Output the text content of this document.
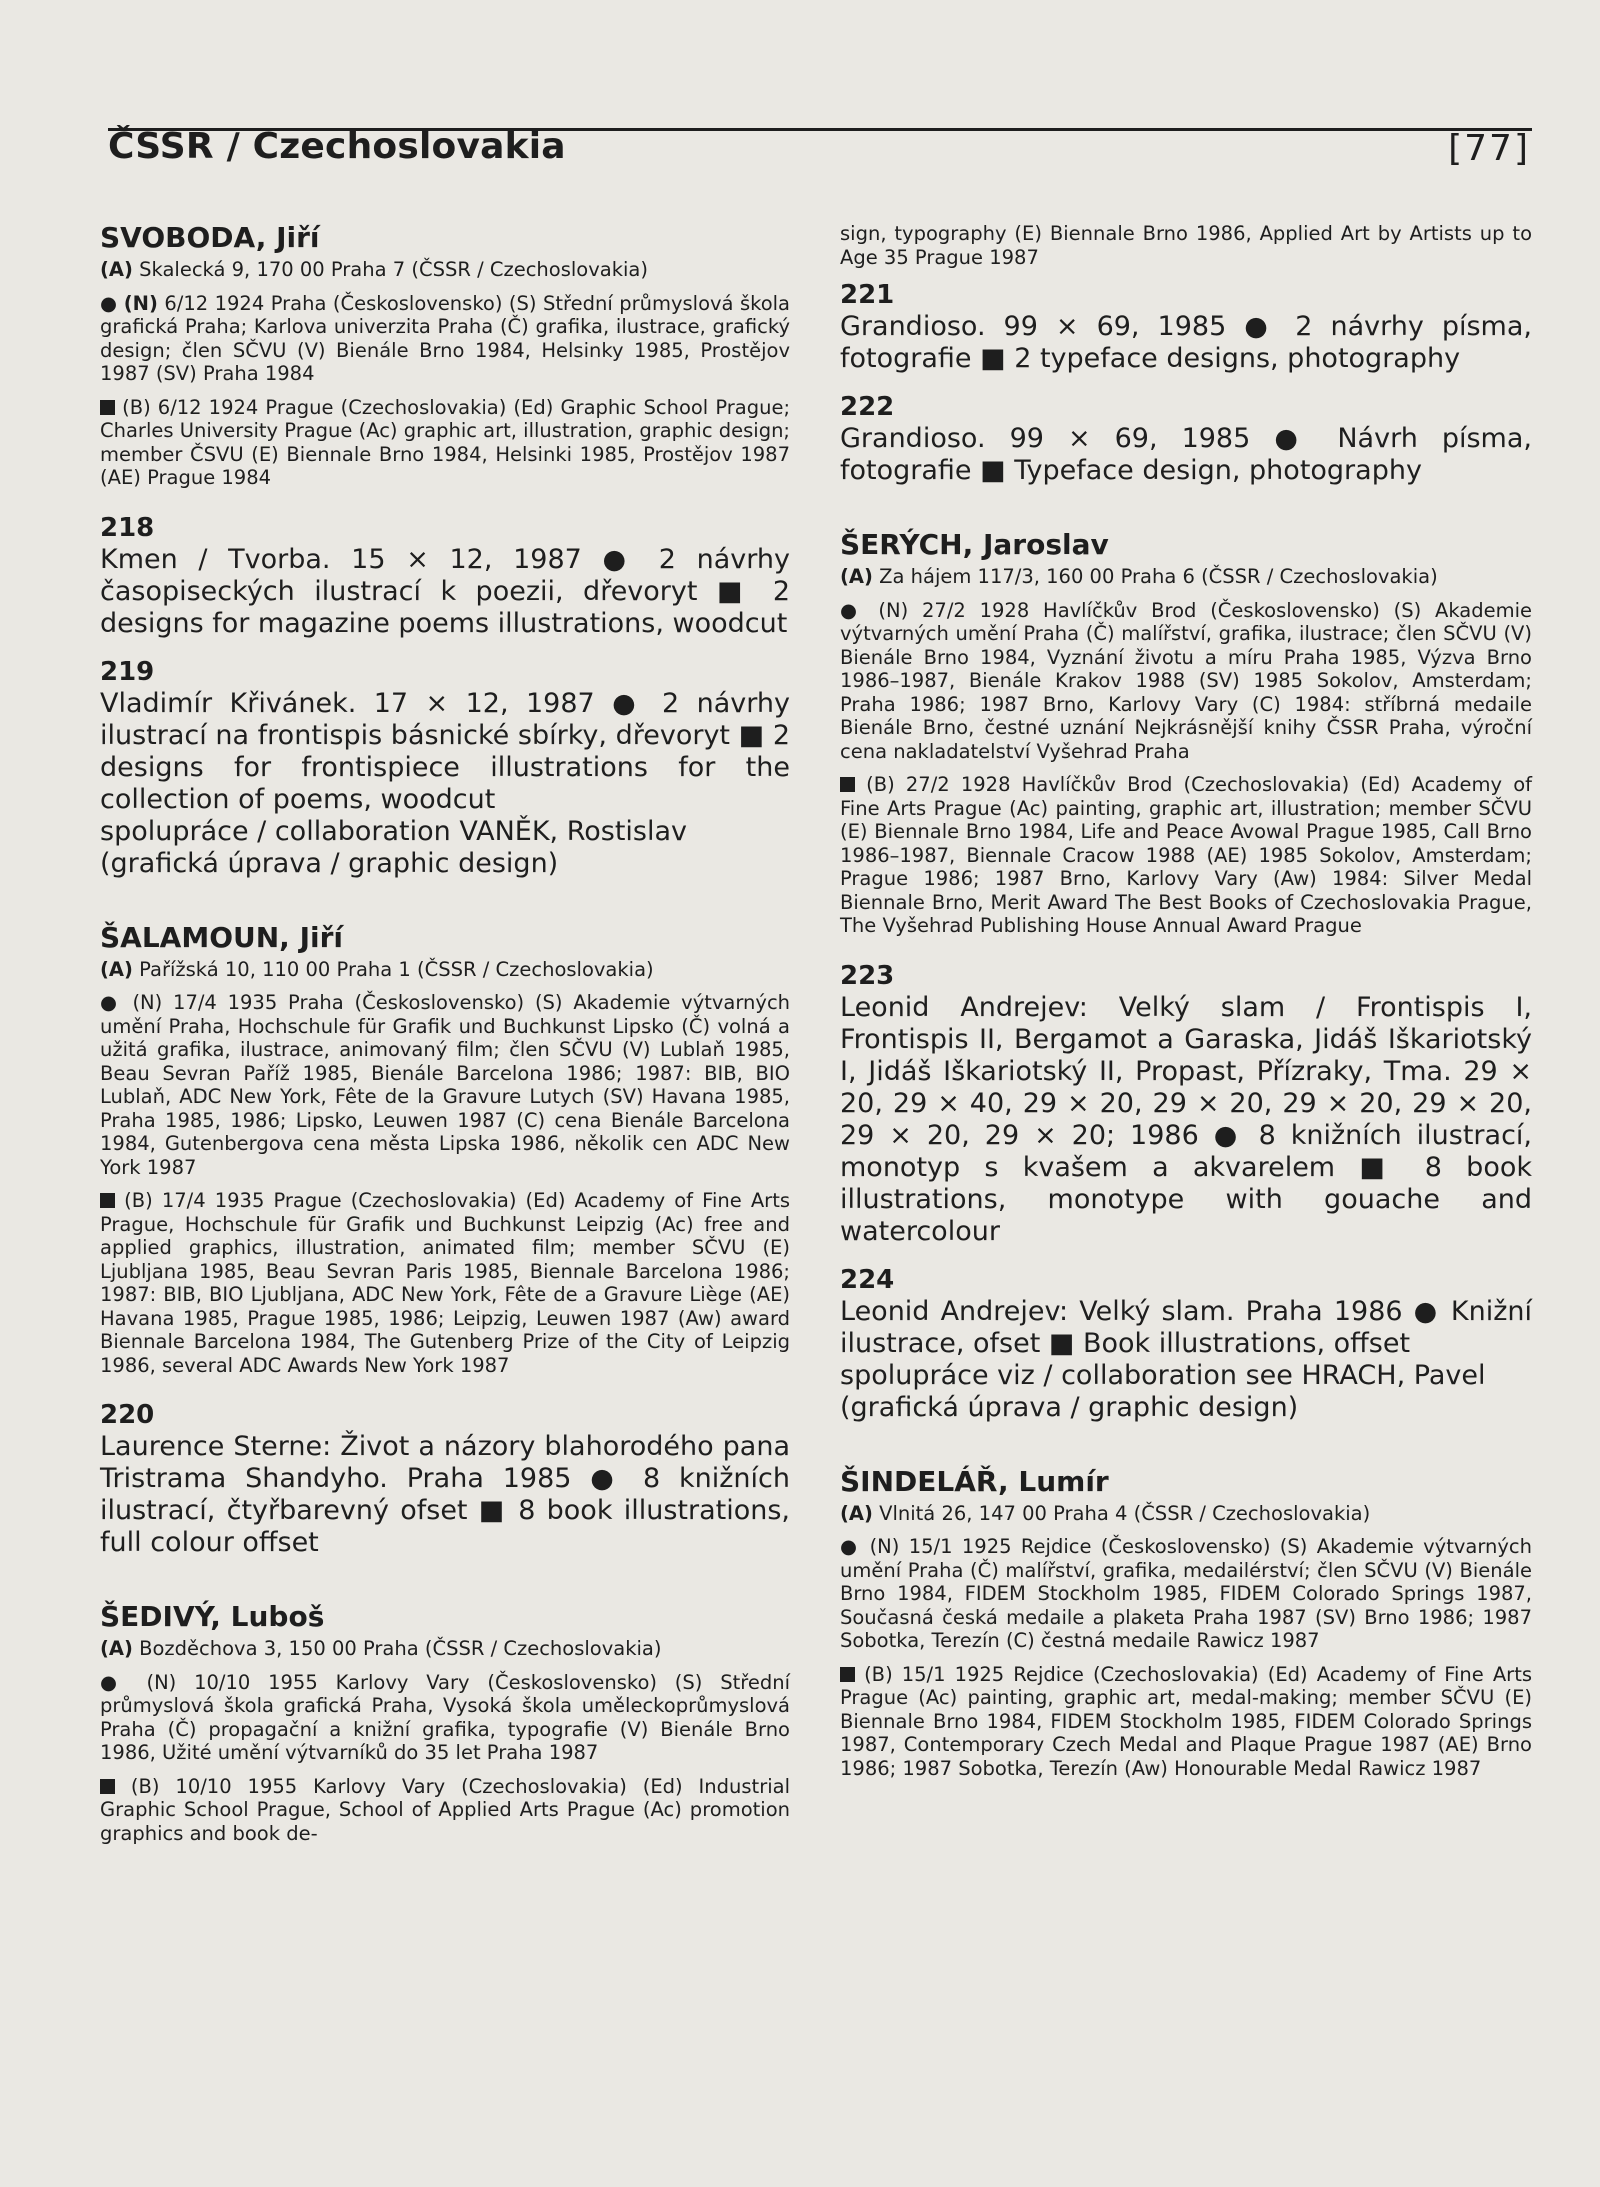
ČSSR / Czechoslovakia	[77]
SVOBODA, Jiří
(A) Skalecká 9, 170 00 Praha 7 (ČSSR / Czechoslovakia)
● (N) 6/12 1924 Praha (Československo) (S) Střední průmyslová škola grafická Praha; Karlova univerzita Praha (Č) grafika, ilustrace, grafický design; člen SČVU (V) Bienále Brno 1984, Helsinky 1985, Prostějov 1987 (SV) Praha 1984
(B) 6/12 1924 Prague (Czechoslovakia) (Ed) Graphic School Prague; Charles University Prague (Ac) graphic art, illustration, graphic design; member ČSVU (E) Biennale Brno 1984, Helsinki 1985, Prostějov 1987 (AE) Prague 1984
218
Kmen / Tvorba. 15 × 12, 1987 ● 2 návrhy časopiseckých ilustrací k poezii, dřevoryt ■ 2 designs for magazine poems illustrations, woodcut
219
Vladimír Křivánek. 17 × 12, 1987 ● 2 návrhy ilustrací na frontispis básnické sbírky, dřevoryt ■ 2 designs for frontispiece illustrations for the collection of poems, woodcut
spolupráce / collaboration VANĚK, Rostislav (grafická úprava / graphic design)
ŠALAMOUN, Jiří
(A) Pařížská 10, 110 00 Praha 1 (ČSSR / Czechoslovakia)
● (N) 17/4 1935 Praha (Československo) (S) Akademie výtvarných umění Praha, Hochschule für Grafik und Buchkunst Lipsko (Č) volná a užitá grafika, ilustrace, animovaný film; člen SČVU (V) Lublaň 1985, Beau Sevran Paříž 1985, Bienále Barcelona 1986; 1987: BIB, BIO Lublaň, ADC New York, Fête de la Gravure Lutych (SV) Havana 1985, Praha 1985, 1986; Lipsko, Leuwen 1987 (C) cena Bienále Barcelona 1984, Gutenbergova cena města Lipska 1986, několik cen ADC New York 1987
(B) 17/4 1935 Prague (Czechoslovakia) (Ed) Academy of Fine Arts Prague, Hochschule für Grafik und Buchkunst Leipzig (Ac) free and applied graphics, illustration, animated film; member SČVU (E) Ljubljana 1985, Beau Sevran Paris 1985, Biennale Barcelona 1986; 1987: BIB, BIO Ljubljana, ADC New York, Fête de a Gravure Liège (AE) Havana 1985, Prague 1985, 1986; Leipzig, Leuwen 1987 (Aw) award Biennale Barcelona 1984, The Gutenberg Prize of the City of Leipzig 1986, several ADC Awards New York 1987
220
Laurence Sterne: Život a názory blahorodého pana Tristrama Shandyho. Praha 1985 ● 8 knižních ilustrací, čtyřbarevný ofset ■ 8 book illustrations, full colour offset
ŠEDIVÝ, Luboš
(A) Bozděchova 3, 150 00 Praha (ČSSR / Czechoslovakia)
● (N) 10/10 1955 Karlovy Vary (Československo) (S) Střední průmyslová škola grafická Praha, Vysoká škola uměleckoprůmyslová Praha (Č) propagační a knižní grafika, typografie (V) Bienále Brno 1986, Užité umění výtvarníků do 35 let Praha 1987
(B) 10/10 1955 Karlovy Vary (Czechoslovakia) (Ed) Industrial Graphic School Prague, School of Applied Arts Prague (Ac) promotion graphics and book de-
sign, typography (E) Biennale Brno 1986, Applied Art by Artists up to Age 35 Prague 1987
221
Grandioso. 99 × 69, 1985 ● 2 návrhy písma, fotografie ■ 2 typeface designs, photography
222
Grandioso. 99 × 69, 1985 ● Návrh písma, fotografie ■ Typeface design, photography
ŠERÝCH, Jaroslav
(A) Za hájem 117/3, 160 00 Praha 6 (ČSSR / Czechoslovakia)
● (N) 27/2 1928 Havlíčkův Brod (Československo) (S) Akademie výtvarných umění Praha (Č) malířství, grafika, ilustrace; člen SČVU (V) Bienále Brno 1984, Vyznání životu a míru Praha 1985, Výzva Brno 1986–1987, Bienále Krakov 1988 (SV) 1985 Sokolov, Amsterdam; Praha 1986; 1987 Brno, Karlovy Vary (C) 1984: stříbrná medaile Bienále Brno, čestné uznání Nejkrásnější knihy ČSSR Praha, výroční cena nakladatelství Vyšehrad Praha
(B) 27/2 1928 Havlíčkův Brod (Czechoslovakia) (Ed) Academy of Fine Arts Prague (Ac) painting, graphic art, illustration; member SČVU (E) Biennale Brno 1984, Life and Peace Avowal Prague 1985, Call Brno 1986–1987, Biennale Cracow 1988 (AE) 1985 Sokolov, Amsterdam; Prague 1986; 1987 Brno, Karlovy Vary (Aw) 1984: Silver Medal Biennale Brno, Merit Award The Best Books of Czechoslovakia Prague, The Vyšehrad Publishing House Annual Award Prague
223
Leonid Andrejev: Velký slam / Frontispis I, Frontispis II, Bergamot a Garaska, Jidáš Iškariotský I, Jidáš Iškariotský II, Propast, Přízraky, Tma. 29 × 20, 29 × 40, 29 × 20, 29 × 20, 29 × 20, 29 × 20, 29 × 20, 29 × 20; 1986 ● 8 knižních ilustrací, monotyp s kvašem a akvarelem ■ 8 book illustrations, monotype with gouache and watercolour
224
Leonid Andrejev: Velký slam. Praha 1986 ● Knižní ilustrace, ofset ■ Book illustrations, offset
spolupráce viz / collaboration see HRACH, Pavel (grafická úprava / graphic design)
ŠINDELÁŘ, Lumír
(A) Vlnitá 26, 147 00 Praha 4 (ČSSR / Czechoslovakia)
● (N) 15/1 1925 Rejdice (Československo) (S) Akademie výtvarných umění Praha (Č) malířství, grafika, medailérství; člen SČVU (V) Bienále Brno 1984, FIDEM Stockholm 1985, FIDEM Colorado Springs 1987, Současná česká medaile a plaketa Praha 1987 (SV) Brno 1986; 1987 Sobotka, Terezín (C) čestná medaile Rawicz 1987
(B) 15/1 1925 Rejdice (Czechoslovakia) (Ed) Academy of Fine Arts Prague (Ac) painting, graphic art, medal-making; member SČVU (E) Biennale Brno 1984, FIDEM Stockholm 1985, FIDEM Colorado Springs 1987, Contemporary Czech Medal and Plaque Prague 1987 (AE) Brno 1986; 1987 Sobotka, Terezín (Aw) Honourable Medal Rawicz 1987
